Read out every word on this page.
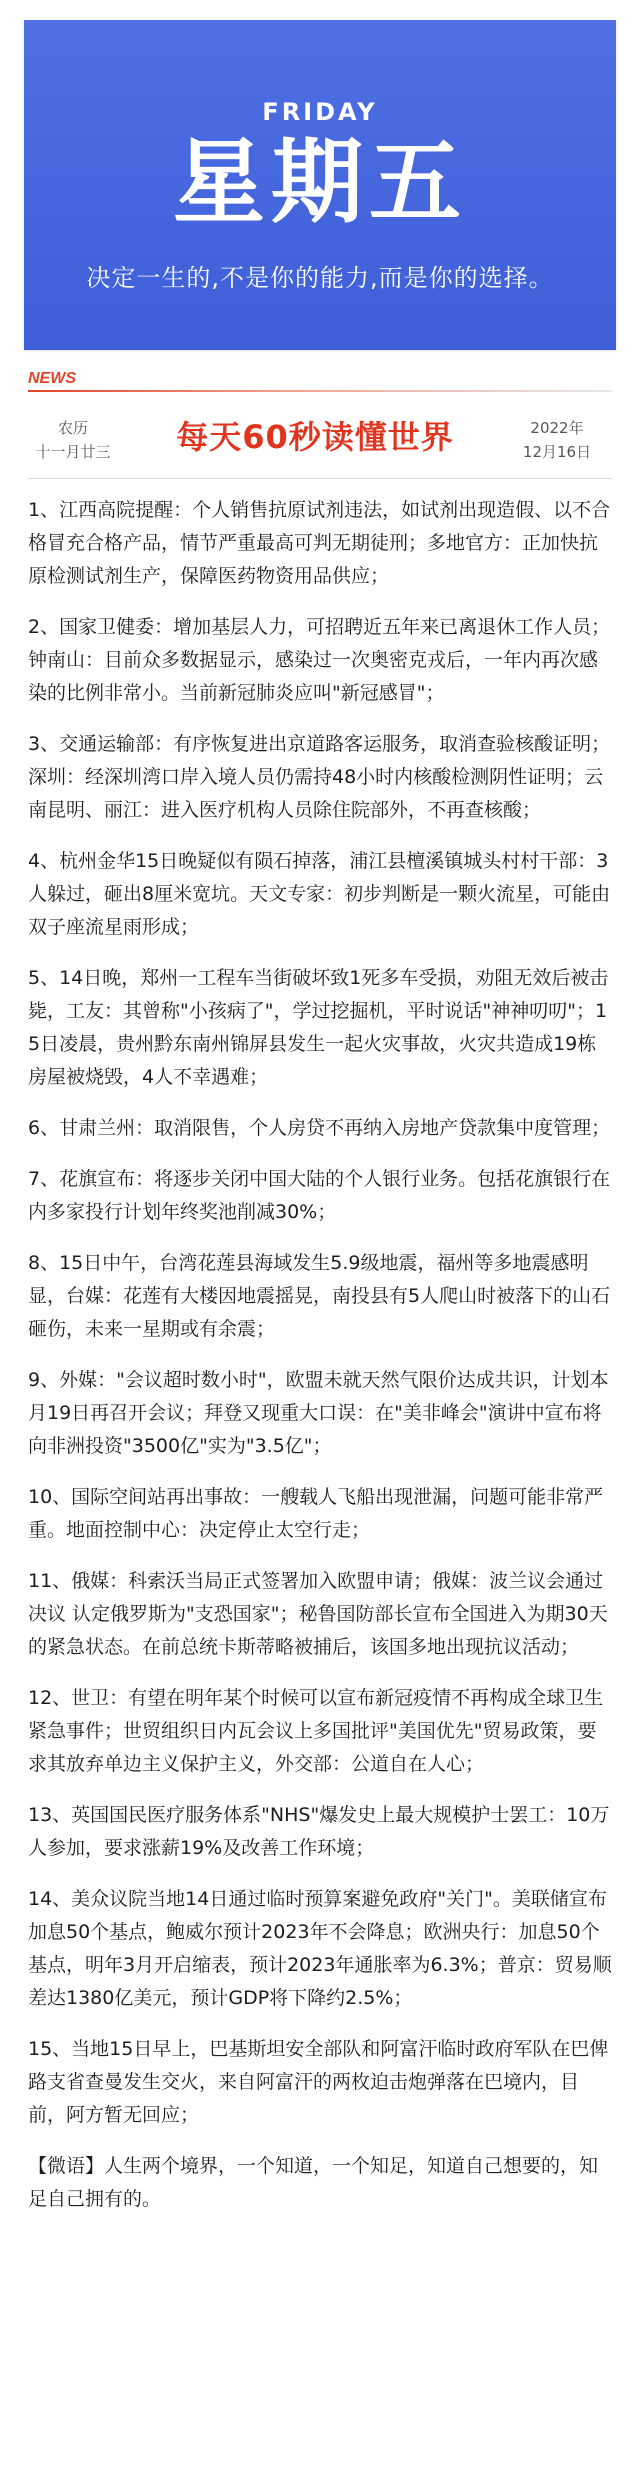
FRIDAY
星期五
决定一生的,不是你的能力,而是你的选择。
NEWS
农历
十一月廿三	每天60秒读懂世界	2022年
12月16日

1、江西高院提醒：个人销售抗原试剂违法，如试剂出现造假、以不合格冒充合格产品，情节严重最高可判无期徒刑；多地官方：正加快抗原检测试剂生产，保障医药物资用品供应；

2、国家卫健委：增加基层人力，可招聘近五年来已离退休工作人员；钟南山：目前众多数据显示，感染过一次奥密克戎后，一年内再次感染的比例非常小。当前新冠肺炎应叫"新冠感冒"；

3、交通运输部：有序恢复进出京道路客运服务，取消查验核酸证明；深圳：经深圳湾口岸入境人员仍需持48小时内核酸检测阴性证明；云南昆明、丽江：进入医疗机构人员除住院部外，不再查核酸；

4、杭州金华15日晚疑似有陨石掉落，浦江县檀溪镇城头村村干部：3人躲过，砸出8厘米宽坑。天文专家：初步判断是一颗火流星，可能由双子座流星雨形成；

5、14日晚，郑州一工程车当街破坏致1死多车受损，劝阻无效后被击毙，工友：其曾称"小孩病了"，学过挖掘机，平时说话"神神叨叨"；15日凌晨，贵州黔东南州锦屏县发生一起火灾事故，火灾共造成19栋房屋被烧毁，4人不幸遇难；

6、甘肃兰州：取消限售，个人房贷不再纳入房地产贷款集中度管理；

7、花旗宣布：将逐步关闭中国大陆的个人银行业务。包括花旗银行在内多家投行计划年终奖池削减30%；

8、15日中午，台湾花莲县海域发生5.9级地震，福州等多地震感明显，台媒：花莲有大楼因地震摇晃，南投县有5人爬山时被落下的山石砸伤，未来一星期或有余震；

9、外媒："会议超时数小时"，欧盟未就天然气限价达成共识，计划本月19日再召开会议；拜登又现重大口误：在"美非峰会"演讲中宣布将向非洲投资"3500亿"实为"3.5亿"；

10、国际空间站再出事故：一艘载人飞船出现泄漏，问题可能非常严重。地面控制中心：决定停止太空行走；

11、俄媒：科索沃当局正式签署加入欧盟申请；俄媒：波兰议会通过决议 认定俄罗斯为"支恐国家"；秘鲁国防部长宣布全国进入为期30天的紧急状态。在前总统卡斯蒂略被捕后，该国多地出现抗议活动；

12、世卫：有望在明年某个时候可以宣布新冠疫情不再构成全球卫生紧急事件；世贸组织日内瓦会议上多国批评"美国优先"贸易政策，要求其放弃单边主义保护主义，外交部：公道自在人心；

13、英国国民医疗服务体系"NHS"爆发史上最大规模护士罢工：10万人参加，要求涨薪19%及改善工作环境；

14、美众议院当地14日通过临时预算案避免政府"关门"。美联储宣布加息50个基点，鲍威尔预计2023年不会降息；欧洲央行：加息50个基点，明年3月开启缩表，预计2023年通胀率为6.3%；普京：贸易顺差达1380亿美元，预计GDP将下降约2.5%；

15、当地15日早上，巴基斯坦安全部队和阿富汗临时政府军队在巴俾路支省查曼发生交火，来自阿富汗的两枚迫击炮弹落在巴境内，目前，阿方暂无回应；

【微语】人生两个境界，一个知道，一个知足，知道自己想要的，知足自己拥有的。
